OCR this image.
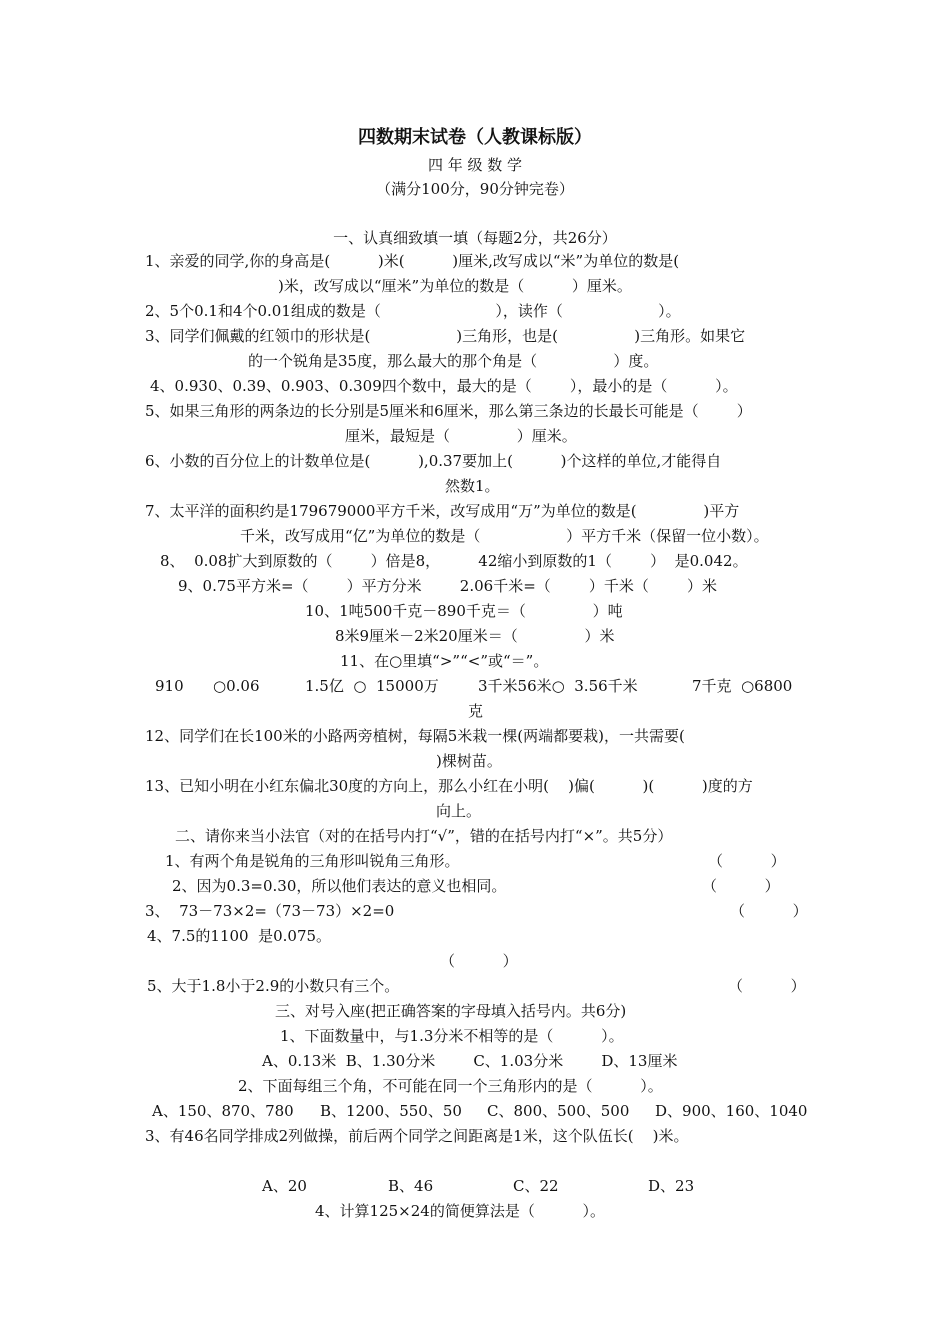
四数期末试卷（人教课标版）
四 年 级 数 学
（满分100分，90分钟完卷）
一、认真细致填一填（每题2分，共26分）
1、亲爱的同学,你的身高是(          )米(          )厘米,改写成以“米”为单位的数是(
)米，改写成以“厘米”为单位的数是（          ）厘米。
2、5个0.1和4个0.01组成的数是（                        ），读作（                    ）。
3、同学们佩戴的红领巾的形状是(                  )三角形，也是(                )三角形。如果它
的一个锐角是35度，那么最大的那个角是（                ）度。
4、0.930、0.39、0.903、0.309四个数中，最大的是（        ），最小的是（          ）。
5、如果三角形的两条边的长分别是5厘米和6厘米，那么第三条边的长最长可能是（        ）
厘米，最短是（              ）厘米。
6、小数的百分位上的计数单位是(          ),0.37要加上(          )个这样的单位,才能得自
然数1。
7、太平洋的面积约是179679000平方千米，改写成用“万”为单位的数是(              )平方
千米，改写成用“亿”为单位的数是（                  ）平方千米（保留一位小数）。
8、  0.08扩大到原数的（        ）倍是8，        42缩小到原数的1（        ）  是0.042。
9、0.75平方米=（        ）平方分米        2.06千米=（        ）千米（        ）米
10、1吨500千克－890千克＝（              ）吨
8米9厘米－2米20厘米＝（              ）米
11、在○里填“>”“<”或“＝”。
910 ○0.06	1.5亿  ○  15000万	3千米56米○  3.56千米	7千克  ○6800
克
12、同学们在长100米的小路两旁植树，每隔5米栽一棵(两端都要栽)，一共需要(
)棵树苗。
13、已知小明在小红东偏北30度的方向上，那么小红在小明(    )偏(          )(          )度的方
向上。
二、请你来当小法官（对的在括号内打“√”，错的在括号内打“×”。共5分）
1、有两个角是锐角的三角形叫锐角三角形。	（          ）
2、因为0.3=0.30，所以他们表达的意义也相同。	（          ）
3、  73－73×2=（73－73）×2=0	（          ）
4、7.5的1100  是0.075。
（          ）
5、大于1.8小于2.9的小数只有三个。	（          ）
三、对号入座(把正确答案的字母填入括号内。共6分)
1、下面数量中，与1.3分米不相等的是（          ）。
A、0.13米  B、1.30分米        C、1.03分米        D、13厘米
2、下面每组三个角，不可能在同一个三角形内的是（          ）。
A、150、870、780 B、1200、550、50 C、800、500、500 D、900、160、1040
3、有46名同学排成2列做操，前后两个同学之间距离是1米，这个队伍长(    )米。
A、20	B、46	C、22	D、23
4、计算125×24的简便算法是（          ）。
